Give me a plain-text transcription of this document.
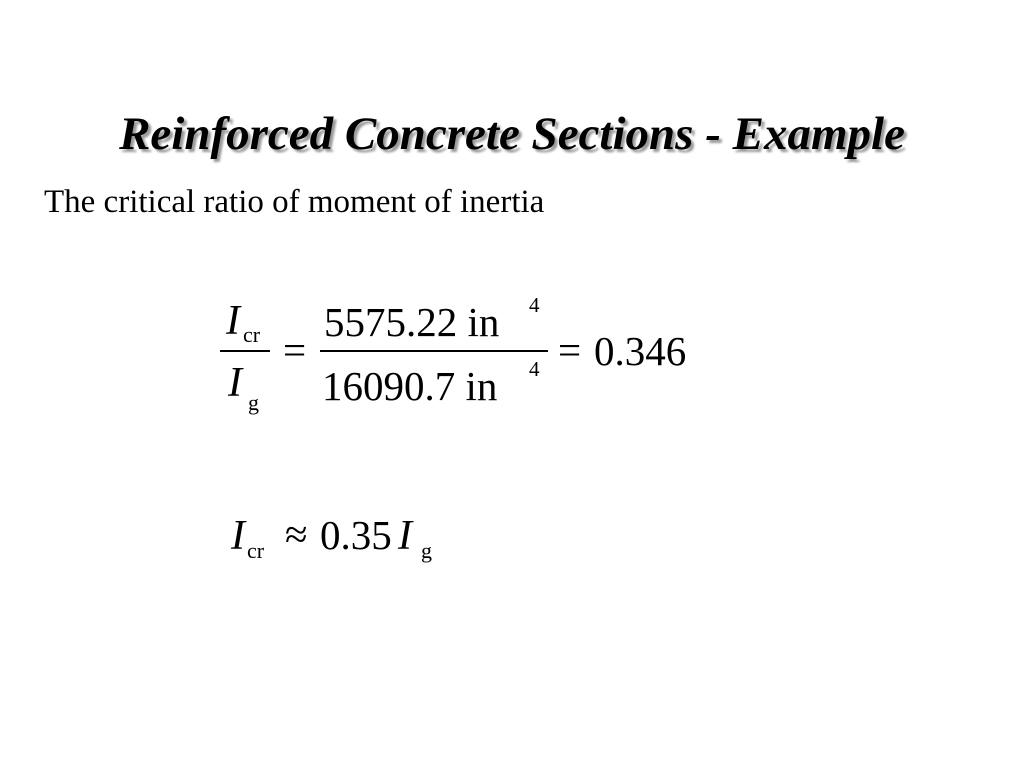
Reinforced Concrete Sections - Example
The critical ratio of moment of inertia
I cr
I g
=
5575.22 in 4
16090.7 in 4 = 0.346
I cr ≈ 0.35 I g
